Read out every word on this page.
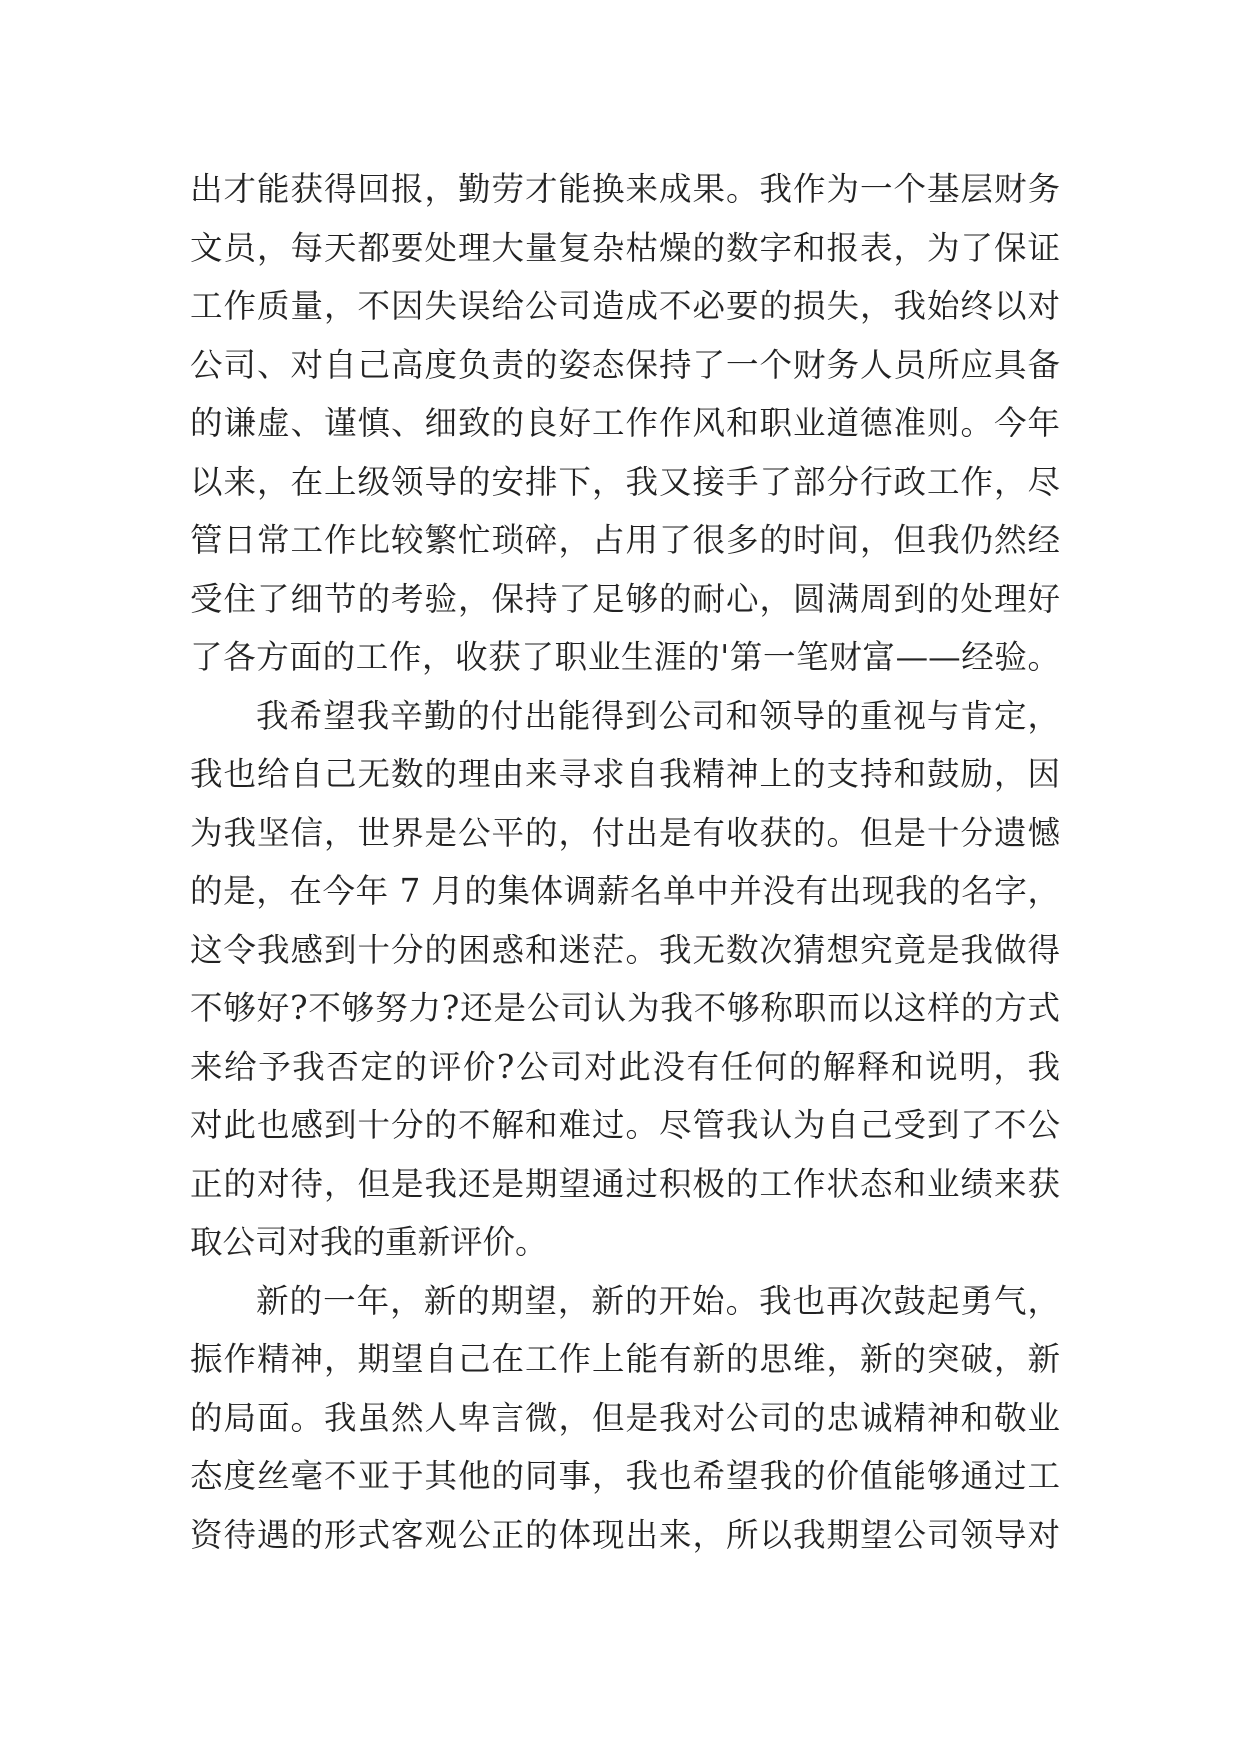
出才能获得回报，勤劳才能换来成果。我作为一个基层财务
文员，每天都要处理大量复杂枯燥的数字和报表，为了保证
工作质量，不因失误给公司造成不必要的损失，我始终以对
公司、对自己高度负责的姿态保持了一个财务人员所应具备
的谦虚、谨慎、细致的良好工作作风和职业道德准则。今年
以来，在上级领导的安排下，我又接手了部分行政工作，尽
管日常工作比较繁忙琐碎，占用了很多的时间，但我仍然经
受住了细节的考验，保持了足够的耐心，圆满周到的处理好
了各方面的工作，收获了职业生涯的'第一笔财富——经验。
我希望我辛勤的付出能得到公司和领导的重视与肯定，
我也给自己无数的理由来寻求自我精神上的支持和鼓励，因
为我坚信，世界是公平的，付出是有收获的。但是十分遗憾
的是，在今年 7 月的集体调薪名单中并没有出现我的名字，
这令我感到十分的困惑和迷茫。我无数次猜想究竟是我做得
不够好?不够努力?还是公司认为我不够称职而以这样的方式
来给予我否定的评价?公司对此没有任何的解释和说明，我
对此也感到十分的不解和难过。尽管我认为自己受到了不公
正的对待，但是我还是期望通过积极的工作状态和业绩来获
取公司对我的重新评价。
新的一年，新的期望，新的开始。我也再次鼓起勇气，
振作精神，期望自己在工作上能有新的思维，新的突破，新
的局面。我虽然人卑言微，但是我对公司的忠诚精神和敬业
态度丝毫不亚于其他的同事，我也希望我的价值能够通过工
资待遇的形式客观公正的体现出来，所以我期望公司领导对
